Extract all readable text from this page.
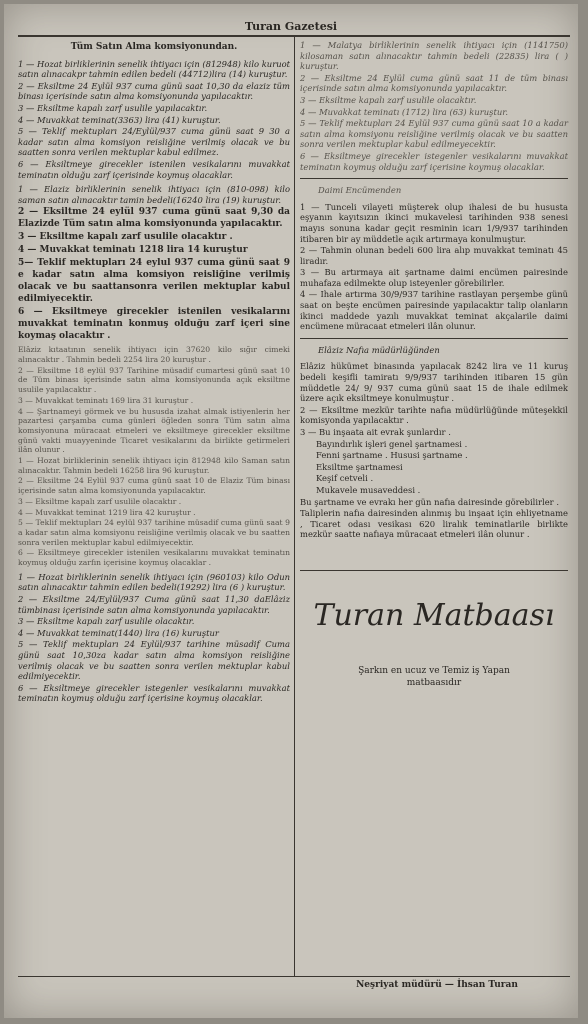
Turan Gazetesi
Tüm Satın Alma komsiyonundan.

1 — Hozat birliklerinin senelik ihtiyacı için (812948) kilo kuruot satın alınacakpr tahmin edilen bedeli (44712)lira (14) kuruştur.

2 — Eksiltme 24 Eylül 937 cuma günü saat 10,30 da elaziz tüm binası içerisinde satın alma komsiyonunda yapılacaktır.

3 — Eksiltme kapalı zarf usulile yapılacaktır.

4 — Muvakkat teminat(3363) lira (41) kuruştur.

5 — Teklif mektupları 24/Eylül/937 cuma günü saat 9 30 a kadar satın alma komsiyon reisliğine verilmiş olacak ve bu saatten sonra verilen mektuplar kabul edilmez.

6 — Eksiltmeye girecekler istenilen vesikalarını muvakkat teminatın olduğu zarf içerisinde koymuş olacaklar.

1 — Elaziz birliklerinin senelik ihtiyacı için (810-098) kilo saman satın alınacaktır tamin bedeli(16240 lira (19) kuruştur.

2 — Eksiltme 24 eylül 937 cuma günü saat 9,30 da Elazizde Tüm satın alma komsiyonunda yapılacaktır.

3 — Eksiltme kapalı zarf usulile olacaktır .

4 — Muvakkat teminatı 1218 lira 14 kuruştur

5— Teklif mektupları 24 eylul 937 cuma günü saat 9 e kadar satın alma komsiyon reisliğine verilmiş olacak ve bu saattansonra verilen mektuplar kabul edilmiyecektir.

6 — Eksiltmeye girecekler istenilen vesikalarını muvakkat teminatın konmuş olduğu zarf içeri sine koymaş olacaktır .

Elâziz kıtaatının senelik ihtiyacı için 37620 kilo sığır cimeki alınacaktır . Tahmin bedeli 2254 lira 20 kuruştur .

2 — Eksiltme 18 eylül 937 Tarihine müsadif cumartesi günü saat 10 de Tüm binası içerisinde satın alma komsiyonunda açık eksiltme usulile yapılacaktır .

3 — Muvakkat teminatı 169 lira 31 kuruştur .

4 — Şartnameyi görmek ve bu hususda izahat almak istiyenlerin her pazartesi çarşamba cuma günleri öğleden sonra Tüm satın alma komsiyonuna müracaat etmeleri ve eksiltmeye girecekler eksiltme günü vakti muayyeninde Ticaret vesikalarını da birlikte getirmeleri ilân olunur .

1 — Hozat birliklerinin senelik ihtiyacı için 812948 kilo Saman satın alınacaktır. Tahmin bedeli 16258 lira 96 kuruştur.

2 — Eksiltme 24 Eylül 937 cuma günü saat 10 de Elaziz Tüm binası içerisinde satın alma komsiyonunda yapılacaktır.

3 — Eksiltme kapalı zarf usulile olacaktır .

4 — Muvakkat teminat 1219 lira 42 kuruştur .

5 — Teklif mektupları 24 eylül 937 tarihine müsadif cuma günü saat 9 a kadar satın alma komsiyonu reisliğine verilmiş olacak ve bu saatten sonra verilen mektuplar kabul edilmiyecektir.

6 — Eksiltmeye girecekler istenilen vesikalarını muvakkat teminatın koymuş olduğu zarfın içerisine koymuş olacaklar .

1 — Hozat birliklerinin senelik ihtiyacı için (960103) kilo Odun satın alınacaktır tahmin edilen bedeli(19292) lira (6 ) kuruştur.

2 — Eksiltme 24/Eylül/937 Cuma günü saat 11,30 daElâziz tümbinası içerisinde satın alma komsiyonunda yapılacaktır.

3 — Eksiltme kapalı zarf usulile olacaktır.

4 — Muvakkat teminat(1440) lira (16) kuruştur

5 — Teklif mektupları 24 Eylül/937 tarihine müsadif Cuma günü saat 10,30za kadar satın alma komsiyon reisliğine verilmiş olacak ve bu saatten sonra verilen mektuplar kabul edilmiyecektir.

6 — Eksiltmeye girecekler istegenler vesikalarını muvakkat teminatın koymuş olduğu zarf içerisine koymuş olacaklar.

1 — Malatya birliklerinin senelik ihtiyacı için (1141750) kilosaman satın alınacaktır tahmin bedeli (22835) lira ( ) kuruştur.

2 — Eksiltme 24 Eylül cuma günü saat 11 de tüm binası içerisinde satın alma komsiyonunda yapılacaktır.

3 — Eksiltme kapalı zarf usulile olacaktır.

4 — Muvakkat teminatı (1712) lira (63) kuruştur.

5 — Teklif mektupları 24 Eylül 937 cuma günü saat 10 a kadar satın alma komsiyonu reisliğine verilmiş olacak ve bu saatten sonra verilen mektuplar kabul edilmeyecektir.

6 — Eksiltmeye girecekler istegenler vesikalarını muvakkat teminatın koymuş olduğu zarf içerisine koymuş olacaklar.

Daimi Encümenden

1 — Tunceli vilayeti müşterek olup ihalesi de bu hususta eşyanın kayıtsızın ikinci mukavelesi tarihinden 938 senesi mayıs sonuna kadar geçit resminin icarı 1/9/937 tarihinden itibaren bir ay müddetle açık artırmaya konulmuştur.

2 — Tahmin olunan bedeli 600 lira alıp muvakkat teminatı 45 liradır.

3 — Bu artırmaya ait şartname daimi encümen pairesinde muhafaza edilmekte olup isteyenler görebilirler.

4 — Ihale artırma 30/9/937 tarihine rastlayan perşembe günü saat on beşte encümen pairesinde yapılacaktır talip olanların ikinci maddede yazılı muvakkat teminat akçalarile daimi encümene müracaat etmeleri ilân olunur.

Elâziz Nafıa müdürlüğünden

Elâziz hükümet binasında yapılacak 8242 lira ve 11 kuruş bedeli keşifli tamiratı 9/9/937 tarihinden itibaren 15 gün müddetle 24/ 9/ 937 cuma günü saat 15 de ihale edilmek üzere açık eksiltmeye konulmuştur .

2 — Eksiltme mezkür tarihte nafıa müdürlüğünde müteşekkil komisyonda yapılacaktır .

3 — Bu inşaata ait evrak şunlardır .

Bayındırlık işleri genel şartnamesi .

Fenni şartname . Hususi şartname .

Eksiltme şartnamesi

Keşif cetveli .

Mukavele musaveddesi .

Bu şartname ve evrakı her gün nafıa dairesinde görebilirler .

Taliplerin nafıa dairesinden alınmış bu inşaat için ehliyetname , Ticaret odası vesikası 620 liralık teminatlarile birlikte mezkür saatte nafıaya müracaat etmeleri ilân olunur .

Turan Matbaası
Şarkın en ucuz ve Temiz iş Yapan
matbaasıdır
Neşriyat müdürü — İhsan Turan
